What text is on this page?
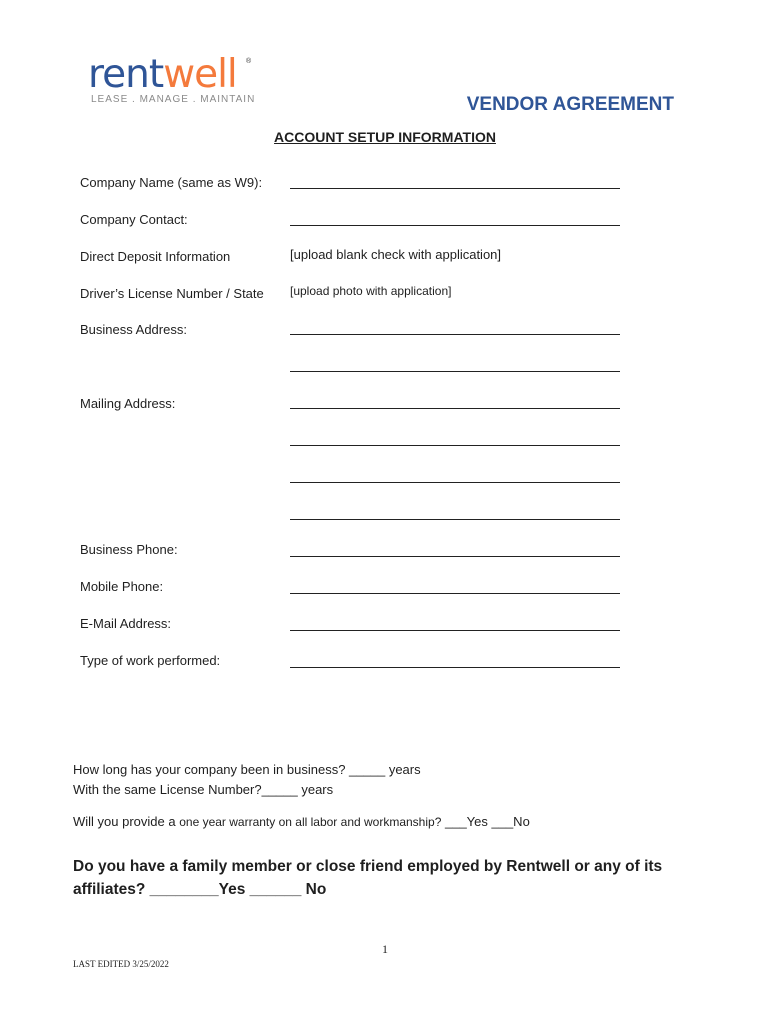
rentwell ®
LEASE . MANAGE . MAINTAIN	VENDOR AGREEMENT
ACCOUNT SETUP INFORMATION
Company Name (same as W9):
Company Contact:
Direct Deposit Information	[upload blank check with application]
Driver’s License Number / State [upload photo with application]
Business Address:
Mailing Address:
Business Phone:
Mobile Phone:
E-Mail Address:
Type of work performed:
How long has your company been in business? _____ years
With the same License Number?_____ years
Will you provide a one year warranty on all labor and workmanship? ___Yes ___No
Do you have a family member or close friend employed by Rentwell or any of its affiliates? ________Yes ______ No
1
LAST EDITED 3/25/2022
